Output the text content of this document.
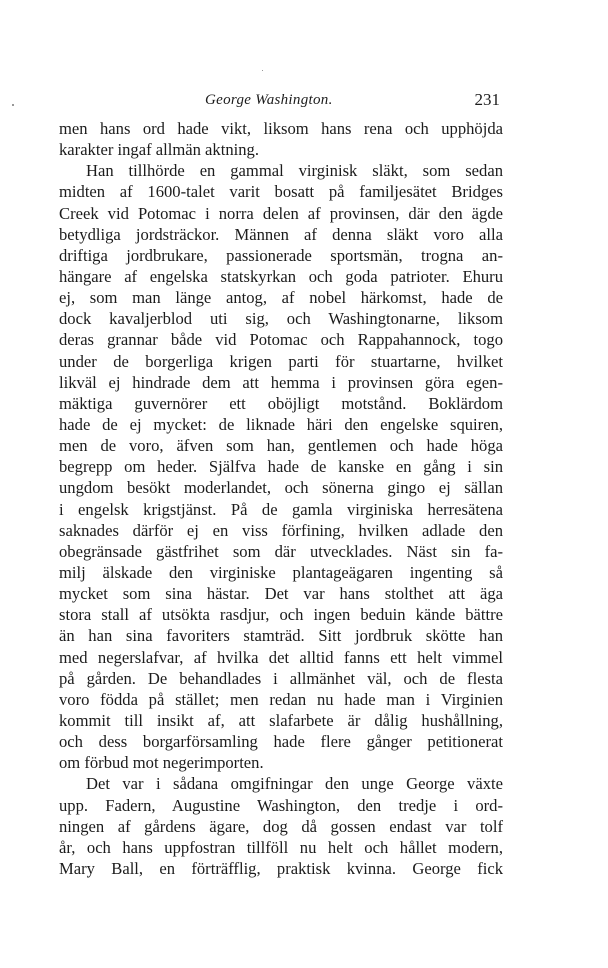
George Washington.	231
men hans ord hade vikt, liksom hans rena och upphöjda
karakter ingaf allmän aktning.
Han tillhörde en gammal virginisk släkt, som sedan
midten af 1600-talet varit bosatt på familjesätet Bridges
Creek vid Potomac i norra delen af provinsen, där den ägde
betydliga jordsträckor. Männen af denna släkt voro alla
driftiga jordbrukare, passionerade sportsmän, trogna an-
hängare af engelska statskyrkan och goda patrioter. Ehuru
ej, som man länge antog, af nobel härkomst, hade de
dock kavaljerblod uti sig, och Washingtonarne, liksom
deras grannar både vid Potomac och Rappahannock, togo
under de borgerliga krigen parti för stuartarne, hvilket
likväl ej hindrade dem att hemma i provinsen göra egen-
mäktiga guvernörer ett oböjligt motstånd. Boklärdom
hade de ej mycket: de liknade häri den engelske squiren,
men de voro, äfven som han, gentlemen och hade höga
begrepp om heder. Själfva hade de kanske en gång i sin
ungdom besökt moderlandet, och sönerna gingo ej sällan
i engelsk krigstjänst. På de gamla virginiska herresätena
saknades därför ej en viss förfining, hvilken adlade den
obegränsade gästfrihet som där utvecklades. Näst sin fa-
milj älskade den virginiske plantageägaren ingenting så
mycket som sina hästar. Det var hans stolthet att äga
stora stall af utsökta rasdjur, och ingen beduin kände bättre
än han sina favoriters stamträd. Sitt jordbruk skötte han
med negerslafvar, af hvilka det alltid fanns ett helt vimmel
på gården. De behandlades i allmänhet väl, och de flesta
voro födda på stället; men redan nu hade man i Virginien
kommit till insikt af, att slafarbete är dålig hushållning,
och dess borgarförsamling hade flere gånger petitionerat
om förbud mot negerimporten.
Det var i sådana omgifningar den unge George växte
upp. Fadern, Augustine Washington, den tredje i ord-
ningen af gårdens ägare, dog då gossen endast var tolf
år, och hans uppfostran tillföll nu helt och hållet modern,
Mary Ball, en förträfflig, praktisk kvinna. George fick
